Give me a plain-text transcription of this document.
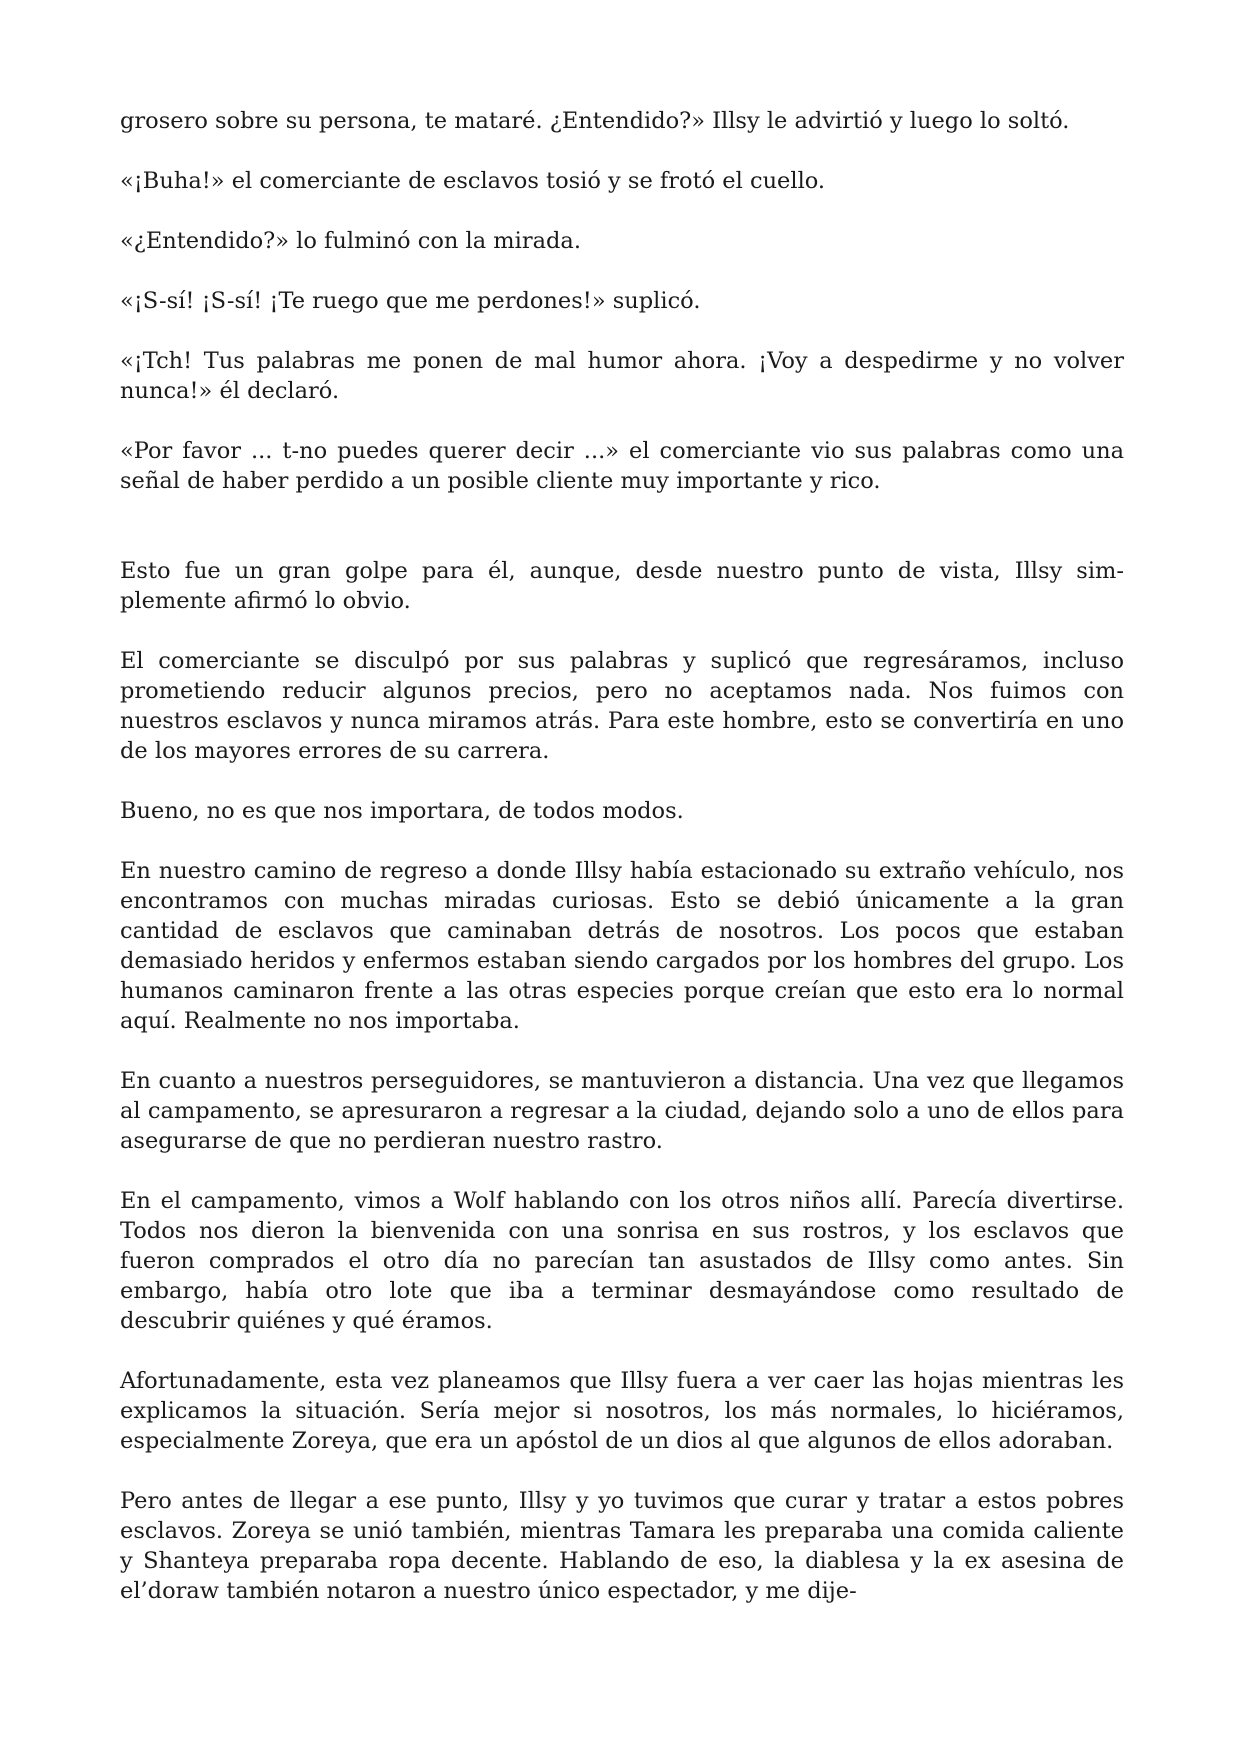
grosero sobre su persona, te mataré. ¿Entendido?» Illsy le advirtió y luego lo soltó.

«¡Buha!» el comerciante de esclavos tosió y se frotó el cuello.

«¿Entendido?» lo fulminó con la mirada.

«¡S-sí! ¡S-sí! ¡Te ruego que me perdones!» suplicó.

«¡Tch! Tus palabras me ponen de mal humor ahora. ¡Voy a despedirme y no volver nunca!» él declaró.

«Por favor ... t-no puedes querer decir ...» el comerciante vio sus palabras como una señal de haber perdido a un posible cliente muy importante y rico.

Esto fue un gran golpe para él, aunque, desde nuestro punto de vista, Illsy simplemente afirmó lo obvio.

El comerciante se disculpó por sus palabras y suplicó que regresáramos, incluso prometiendo reducir algunos precios, pero no aceptamos nada. Nos fuimos con nuestros esclavos y nunca miramos atrás. Para este hombre, esto se convertiría en uno de los mayores errores de su carrera.

Bueno, no es que nos importara, de todos modos.

En nuestro camino de regreso a donde Illsy había estacionado su extraño vehículo, nos encontramos con muchas miradas curiosas. Esto se debió únicamente a la gran cantidad de esclavos que caminaban detrás de nosotros. Los pocos que estaban demasiado heridos y enfermos estaban siendo cargados por los hombres del grupo. Los humanos caminaron frente a las otras especies porque creían que esto era lo normal aquí. Realmente no nos importaba.

En cuanto a nuestros perseguidores, se mantuvieron a distancia. Una vez que llegamos al campamento, se apresuraron a regresar a la ciudad, dejando solo a uno de ellos para asegurarse de que no perdieran nuestro rastro.

En el campamento, vimos a Wolf hablando con los otros niños allí. Parecía divertirse. Todos nos dieron la bienvenida con una sonrisa en sus rostros, y los esclavos que fueron comprados el otro día no parecían tan asustados de Illsy como antes. Sin embargo, había otro lote que iba a terminar desmayándose como resultado de descubrir quiénes y qué éramos.

Afortunadamente, esta vez planeamos que Illsy fuera a ver caer las hojas mientras les explicamos la situación. Sería mejor si nosotros, los más normales, lo hiciéramos, especialmente Zoreya, que era un apóstol de un dios al que algunos de ellos adoraban.

Pero antes de llegar a ese punto, Illsy y yo tuvimos que curar y tratar a estos pobres esclavos. Zoreya se unió también, mientras Tamara les preparaba una comida caliente y Shanteya preparaba ropa decente. Hablando de eso, la diablesa y la ex asesina de el’doraw también notaron a nuestro único espectador, y me dije-
